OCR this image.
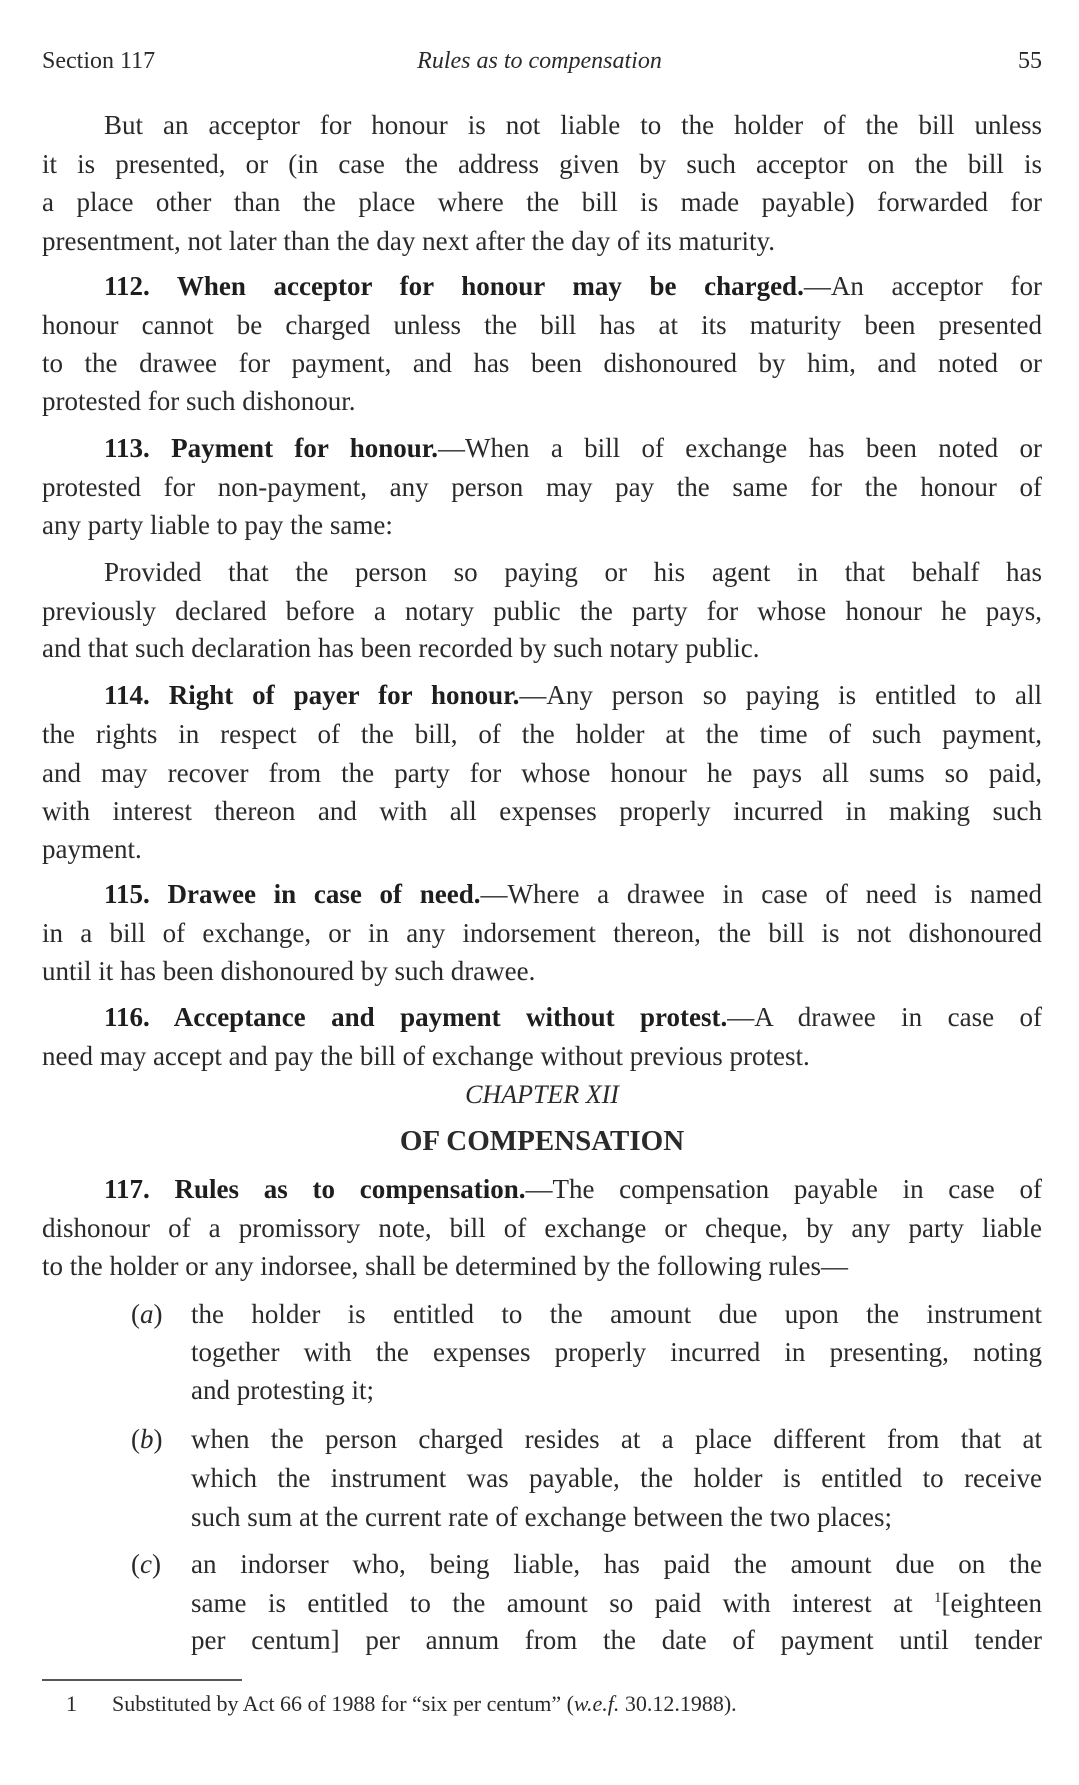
Section 117	Rules as to compensation	55
But an acceptor for honour is not liable to the holder of the bill unless
it is presented, or (in case the address given by such acceptor on the bill is
a place other than the place where the bill is made payable) forwarded for
presentment, not later than the day next after the day of its maturity.
112. When acceptor for honour may be charged.—An acceptor for
honour cannot be charged unless the bill has at its maturity been presented
to the drawee for payment, and has been dishonoured by him, and noted or
protested for such dishonour.
113. Payment for honour.—When a bill of exchange has been noted or
protested for non-payment, any person may pay the same for the honour of
any party liable to pay the same:
Provided that the person so paying or his agent in that behalf has
previously declared before a notary public the party for whose honour he pays,
and that such declaration has been recorded by such notary public.
114. Right of payer for honour.—Any person so paying is entitled to all
the rights in respect of the bill, of the holder at the time of such payment,
and may recover from the party for whose honour he pays all sums so paid,
with interest thereon and with all expenses properly incurred in making such
payment.
115. Drawee in case of need.—Where a drawee in case of need is named
in a bill of exchange, or in any indorsement thereon, the bill is not dishonoured
until it has been dishonoured by such drawee.
116. Acceptance and payment without protest.—A drawee in case of
need may accept and pay the bill of exchange without previous protest.
CHAPTER XII
OF COMPENSATION
117. Rules as to compensation.—The compensation payable in case of
dishonour of a promissory note, bill of exchange or cheque, by any party liable
to the holder or any indorsee, shall be determined by the following rules—
(a) the holder is entitled to the amount due upon the instrument
together with the expenses properly incurred in presenting, noting
and protesting it;
(b) when the person charged resides at a place different from that at
which the instrument was payable, the holder is entitled to receive
such sum at the current rate of exchange between the two places;
(c) an indorser who, being liable, has paid the amount due on the
same is entitled to the amount so paid with interest at $^1$[eighteen
per centum] per annum from the date of payment until tender
1 Substituted by Act 66 of 1988 for “six per centum” (w.e.f. 30.12.1988).
